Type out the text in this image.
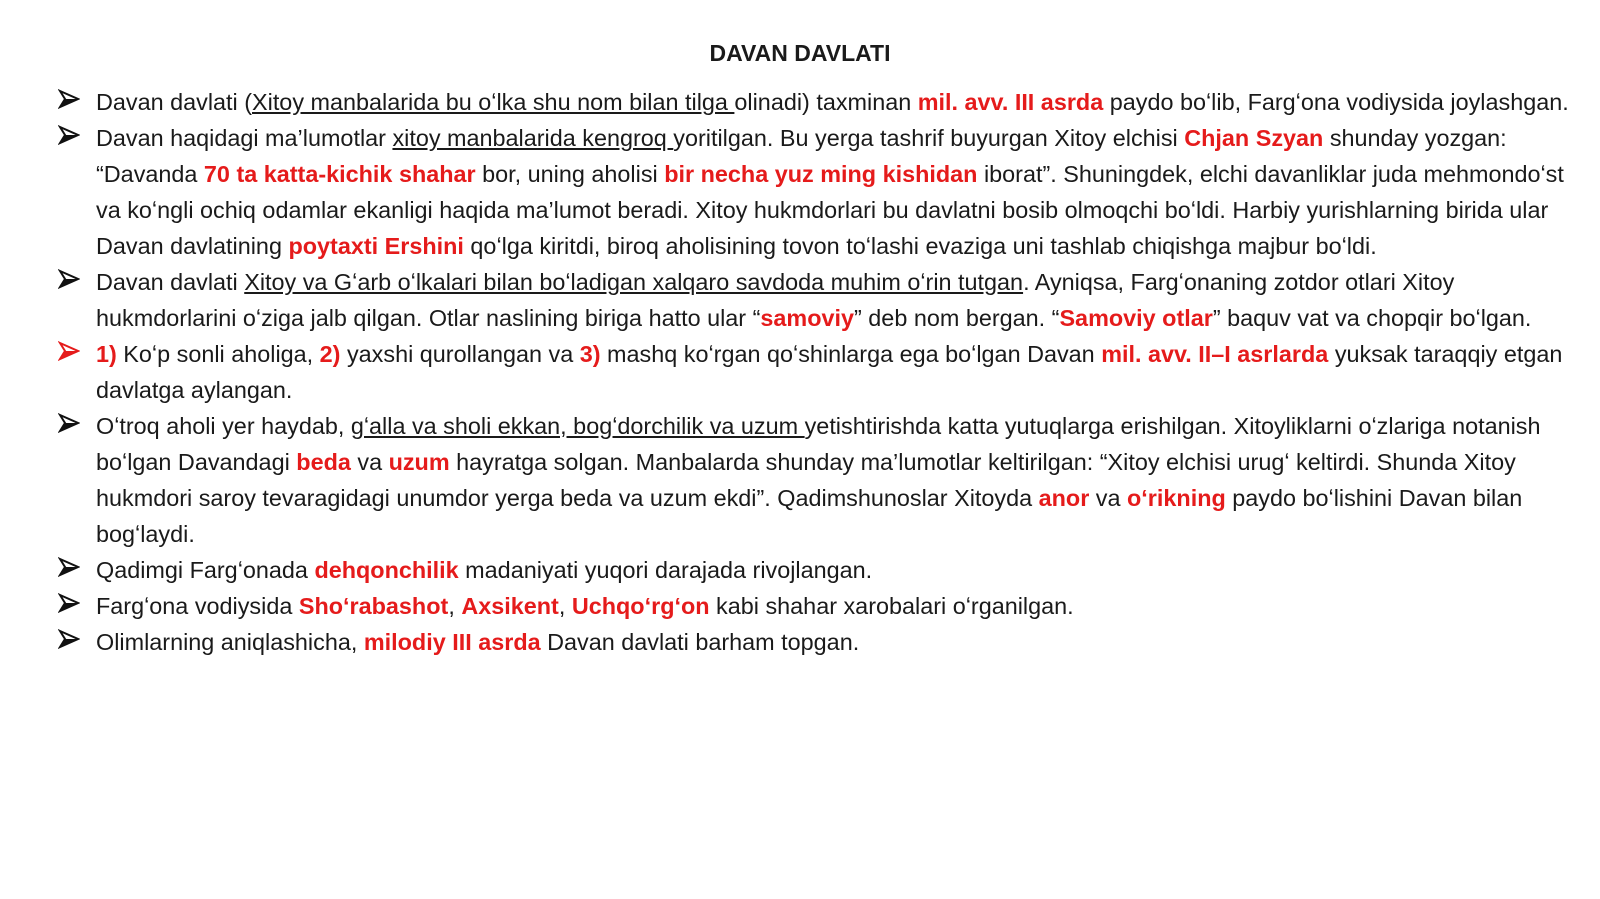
DAVAN DAVLATI
Davan davlati (Xitoy manbalarida bu oʻlka shu nom bilan tilga olinadi) taxminan mil. avv. III asrda paydo boʻlib, Fargʻona vodiysida joylashgan.
Davan haqidagi ma’lumotlar xitoy manbalarida kengroq yoritilgan. Bu yerga tashrif buyurgan Xitoy elchisi Chjan Szyan shunday yozgan: “Davanda 70 ta katta-kichik shahar bor, uning aholisi bir necha yuz ming kishidan iborat”. Shuningdek, elchi davanliklar juda mehmondoʻst va koʻngli ochiq odamlar ekanligi haqida ma’lumot beradi. Xitoy hukmdorlari bu davlatni bosib olmoqchi boʻldi. Harbiy yurishlarning birida ular Davan davlatining poytaxti Ershini qoʻlga kiritdi, biroq aholisining tovon toʻlashi evaziga uni tashlab chiqishga majbur boʻldi.
Davan davlati Xitoy va Gʻarb oʻlkalari bilan boʻladigan xalqaro savdoda muhim oʻrin tutgan. Ayniqsa, Fargʻonaning zotdor otlari Xitoy hukmdorlarini oʻziga jalb qilgan. Otlar naslining biriga hatto ular “samoviy” deb nom bergan. “Samoviy otlar” baquv vat va chopqir boʻlgan.
1) Koʻp sonli aholiga, 2) yaxshi qurollangan va 3) mashq koʻrgan qoʻshinlarga ega boʻlgan Davan mil. avv. II–I asrlarda yuksak taraqqiy etgan davlatga aylangan.
Oʻtroq aholi yer haydab, gʻalla va sholi ekkan, bogʻdorchilik va uzum yetishtirishda katta yutuqlarga erishilgan. Xitoyliklarni oʻzlariga notanish boʻlgan Davandagi beda va uzum hayratga solgan. Manbalarda shunday ma’lumotlar keltirilgan: “Xitoy elchisi urugʻ keltirdi. Shunda Xitoy hukmdori saroy tevaragidagi unumdor yerga beda va uzum ekdi”. Qadimshunoslar Xitoyda anor va oʻrikning paydo boʻlishini Davan bilan bogʻlaydi.
Qadimgi Fargʻonada dehqonchilik madaniyati yuqori darajada rivojlangan.
Fargʻona vodiysida Shoʻrabashot, Axsikent, Uchqoʻrgʻon kabi shahar xarobalari oʻrganilgan.
Olimlarning aniqlashicha, milodiy III asrda Davan davlati barham topgan.
